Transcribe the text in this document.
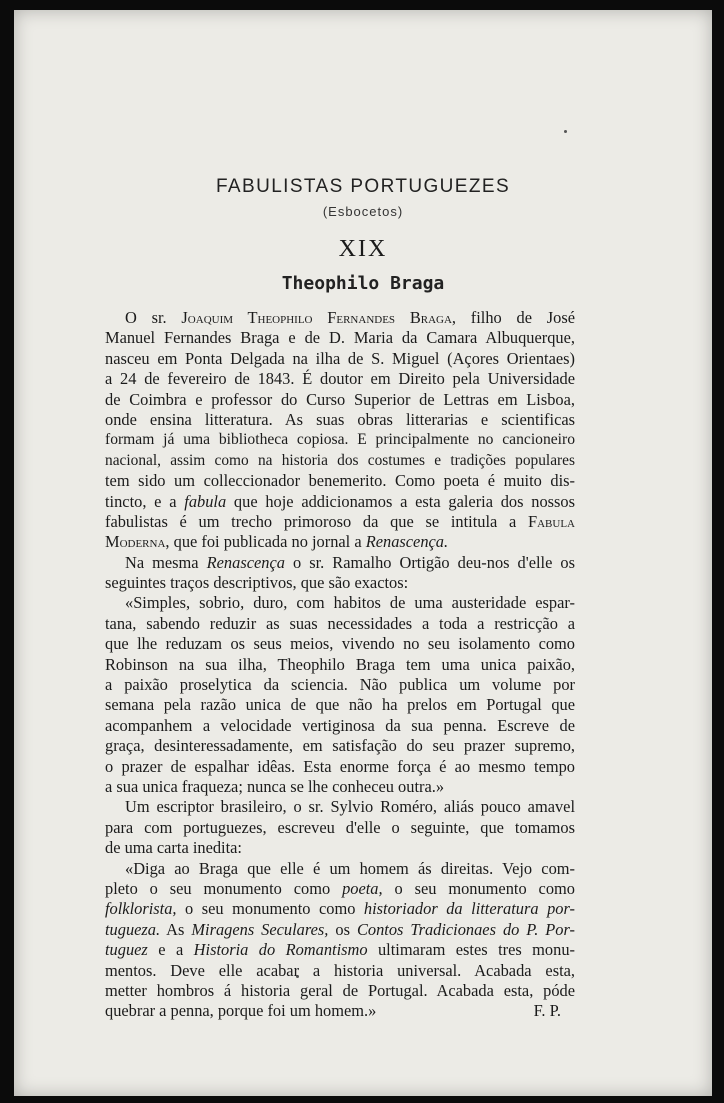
FABULISTAS PORTUGUEZES
(Esbocetos)
XIX
Theophilo Braga
O sr. Joaquim Theophilo Fernandes Braga, filho de José
Manuel Fernandes Braga e de D. Maria da Camara Albuquerque,
nasceu em Ponta Delgada na ilha de S. Miguel (Açores Orientaes)
a 24 de fevereiro de 1843. É doutor em Direito pela Universidade
de Coimbra e professor do Curso Superior de Lettras em Lisboa,
onde ensina litteratura. As suas obras litterarias e scientificas
formam já uma bibliotheca copiosa. E principalmente no cancioneiro
nacional, assim como na historia dos costumes e tradições populares
tem sido um colleccionador benemerito. Como poeta é muito dis-
tincto, e a fabula que hoje addicionamos a esta galeria dos nossos
fabulistas é um trecho primoroso da que se intitula a Fabula
Moderna, que foi publicada no jornal a Renascença.
Na mesma Renascença o sr. Ramalho Ortigão deu-nos d'elle os
seguintes traços descriptivos, que são exactos:
«Simples, sobrio, duro, com habitos de uma austeridade espar-
tana, sabendo reduzir as suas necessidades a toda a restricção a
que lhe reduzam os seus meios, vivendo no seu isolamento como
Robinson na sua ilha, Theophilo Braga tem uma unica paixão,
a paixão proselytica da sciencia. Não publica um volume por
semana pela razão unica de que não ha prelos em Portugal que
acompanhem a velocidade vertiginosa da sua penna. Escreve de
graça, desinteressadamente, em satisfação do seu prazer supremo,
o prazer de espalhar idêas. Esta enorme força é ao mesmo tempo
a sua unica fraqueza; nunca se lhe conheceu outra.»
Um escriptor brasileiro, o sr. Sylvio Roméro, aliás pouco amavel
para com portuguezes, escreveu d'elle o seguinte, que tomamos
de uma carta inedita:
«Diga ao Braga que elle é um homem ás direitas. Vejo com-
pleto o seu monumento como poeta, o seu monumento como
folklorista, o seu monumento como historiador da litteratura por-
tugueza. As Miragens Seculares, os Contos Tradicionaes do P. Por-
tuguez e a Historia do Romantismo ultimaram estes tres monu-
mentos. Deve elle acabar a historia universal. Acabada esta,
metter hombros á historia geral de Portugal. Acabada esta, póde
quebrar a penna, porque foi um homem.»	F. P.
